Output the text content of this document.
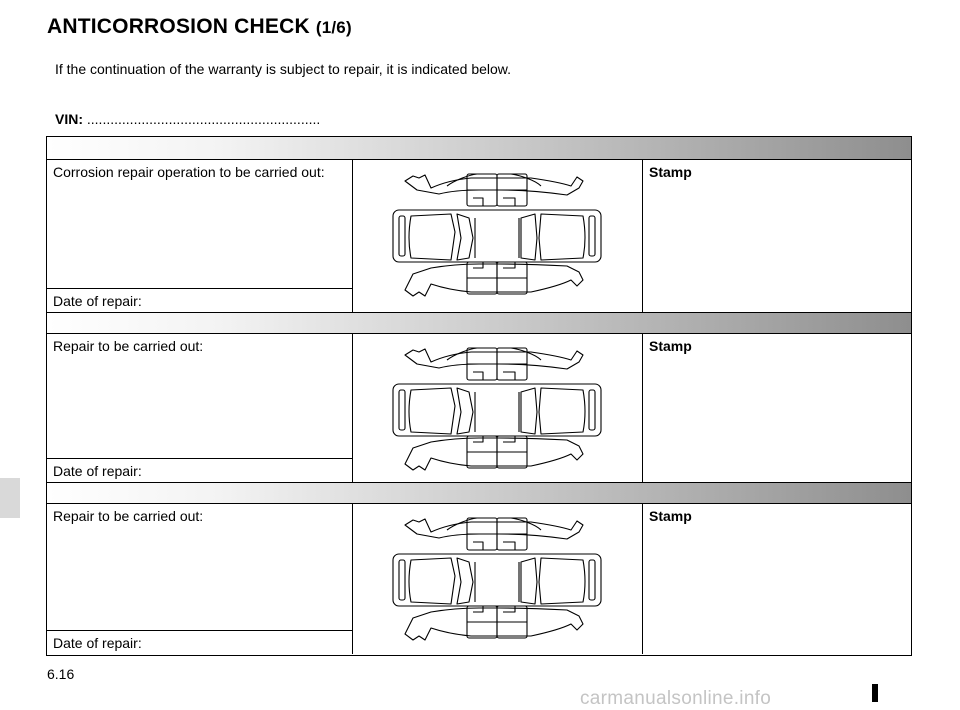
ANTICORROSION CHECK (1/6)
If the continuation of the warranty is subject to repair, it is indicated below.
VIN: ............................................................
Corrosion repair operation to be carried out:
Date of repair:
Stamp
Repair to be carried out:
Date of repair:
Stamp
Repair to be carried out:
Date of repair:
Stamp
6.16
carmanualsonline.info
